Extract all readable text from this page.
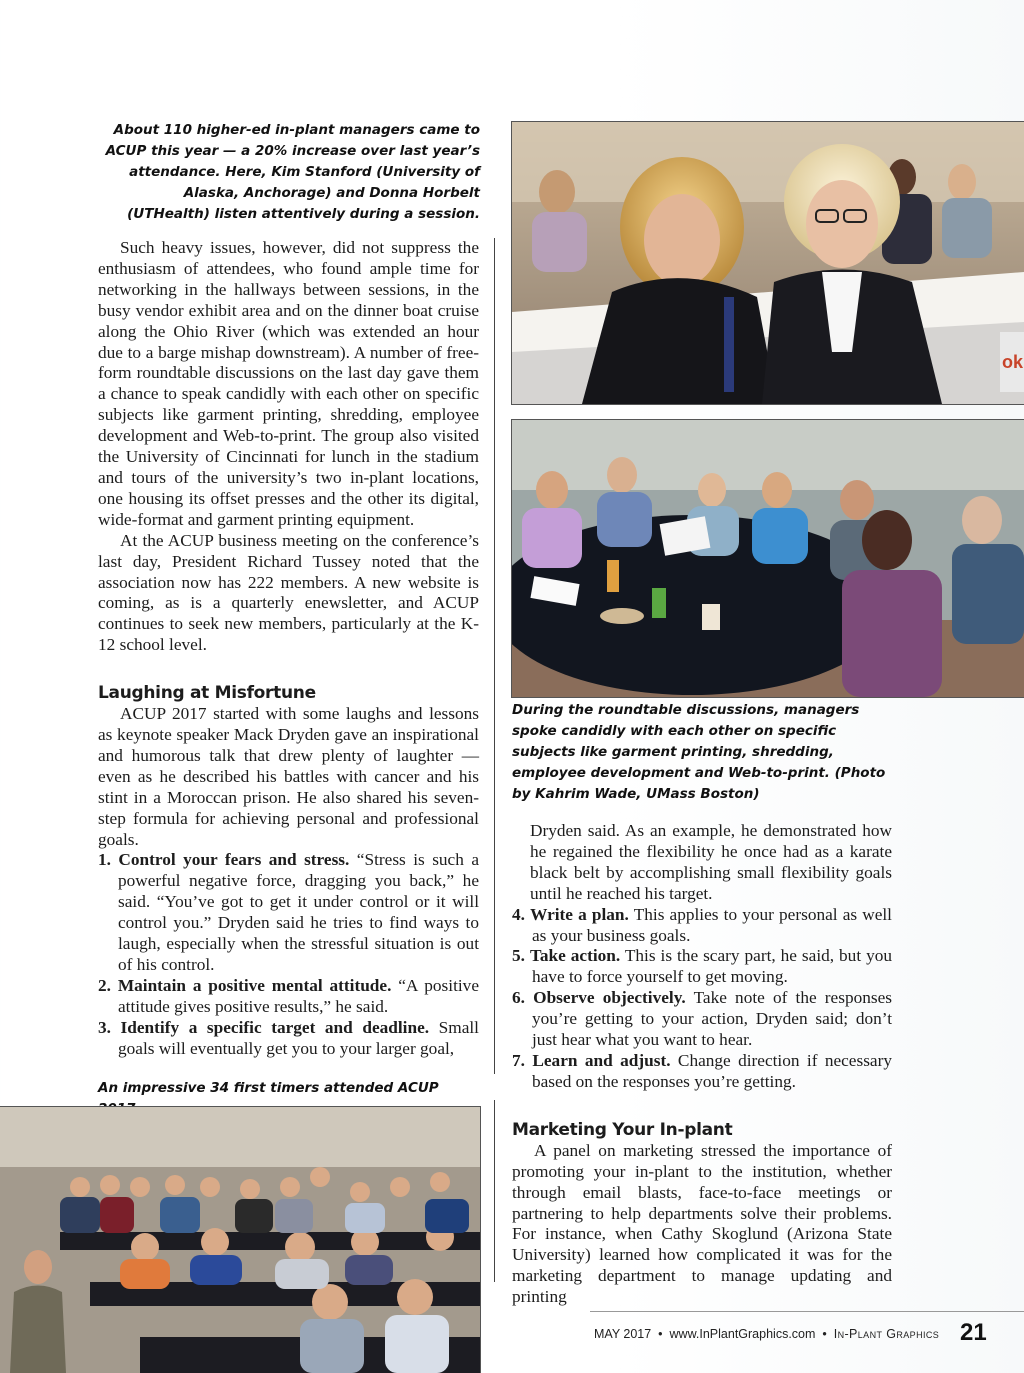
About 110 higher-ed in-plant managers came to ACUP this year — a 20% increase over last year’s attendance. Here, Kim Stanford (University of Alaska, Anchorage) and Donna Horbelt (UTHealth) listen attentively during a session.

Such heavy issues, however, did not suppress the enthusiasm of attendees, who found ample time for networking in the hallways between sessions, in the busy vendor exhibit area and on the dinner boat cruise along the Ohio River (which was extended an hour due to a barge mishap downstream). A number of free-form roundtable discussions on the last day gave them a chance to speak candidly with each other on specific subjects like garment printing, shredding, employee development and Web-to-print. The group also visited the University of Cincinnati for lunch in the stadium and tours of the university’s two in-plant locations, one housing its offset presses and the other its digital, wide-format and garment printing equipment.

At the ACUP business meeting on the conference’s last day, President Richard Tussey noted that the association now has 222 members. A new website is coming, as is a quarterly enewsletter, and ACUP continues to seek new members, particularly at the K-12 school level.

Laughing at Misfortune

ACUP 2017 started with some laughs and lessons as keynote speaker Mack Dryden gave an inspirational and humorous talk that drew plenty of laughter — even as he described his battles with cancer and his stint in a Moroccan prison. He also shared his seven-step formula for achieving personal and professional goals.

1. Control your fears and stress. “Stress is such a powerful negative force, dragging you back,” he said. “You’ve got to get it under control or it will control you.” Dryden said he tries to find ways to laugh, especially when the stressful situation is out of his control.
2. Maintain a positive mental attitude. “A positive attitude gives positive results,” he said.
3. Identify a specific target and deadline. Small goals will eventually get you to your larger goal,
ok
During the roundtable discussions, managers spoke candidly with each other on specific subjects like garment printing, shredding, employee development and Web-to-print. (Photo by Kahrim Wade, UMass Boston)

Dryden said. As an example, he demonstrated how he regained the flexibility he once had as a karate black belt by accomplishing small flexibility goals until he reached his target.

4. Write a plan. This applies to your personal as well as your business goals.
5. Take action. This is the scary part, he said, but you have to force yourself to get moving.
6. Observe objectively. Take note of the responses you’re getting to your action, Dryden said; don’t just hear what you want to hear.
7. Learn and adjust. Change direction if necessary based on the responses you’re getting.
Marketing Your In-plant

A panel on marketing stressed the importance of promoting your in-plant to the institution, whether through email blasts, face-to-face meetings or partnering to help departments solve their problems. For instance, when Cathy Skoglund (Arizona State University) learned how complicated it was for the marketing department to manage updating and printing

An impressive 34 first timers attended ACUP
MAY 2017 • www.InPlantGraphics.com • In-Plant Graphics 21
